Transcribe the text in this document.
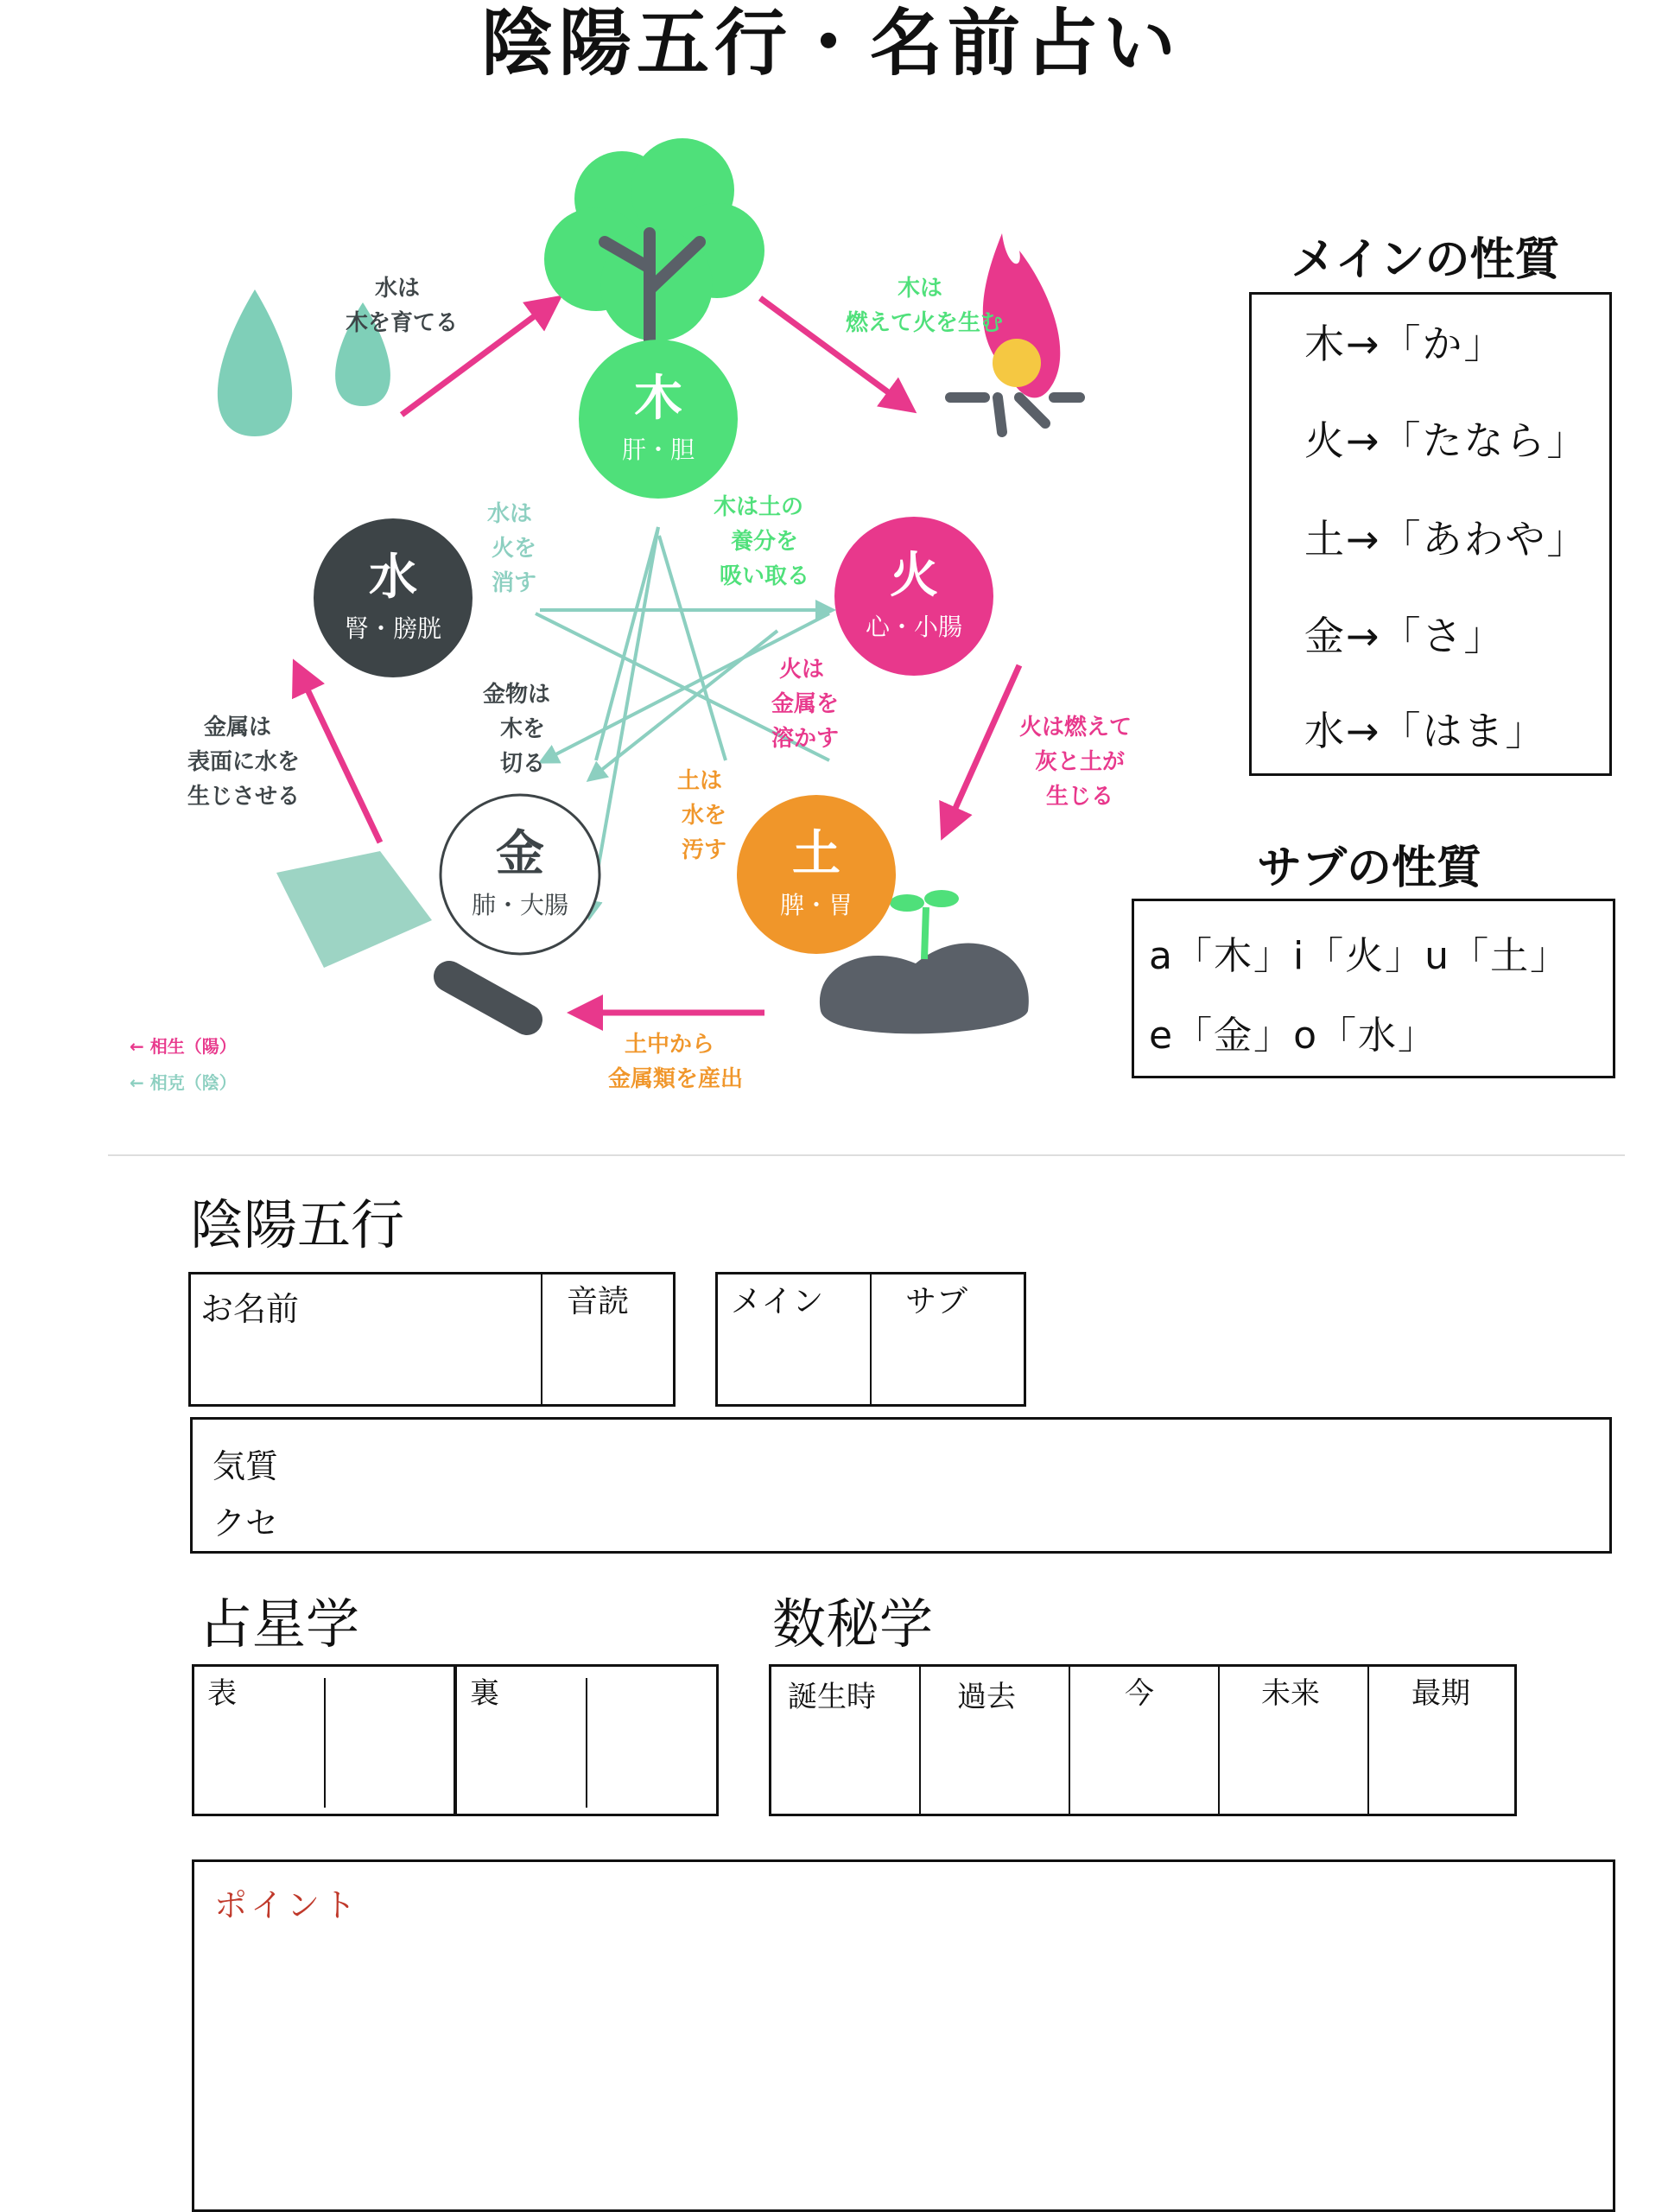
陰陽五行・名前占い
木
肝・胆
火
心・小腸
土
脾・胃
金
肺・大腸
水
腎・膀胱
水は
木を育てる
木は
燃えて火を生む
火は燃えて
灰と土が
生じる
土中から
金属類を産出
金属は
表面に水を
生じさせる
水は
火を
消す
木は土の
養分を
吸い取る
火は
金属を
溶かす
土は
水を
汚す
金物は
木を
切る
← 相生（陽）
← 相克（陰）
メインの性質
木→「か」
火→「たなら」
土→「あわや」
金→「さ」
水→「はま」
サブの性質
a「木」i「火」u「土」
e「金」o「水」
陰陽五行
お名前	音読	メイン	サブ
気質
クセ
占星学
表	裏
数秘学
誕生時	過去	今	未来	最期
ポイント
